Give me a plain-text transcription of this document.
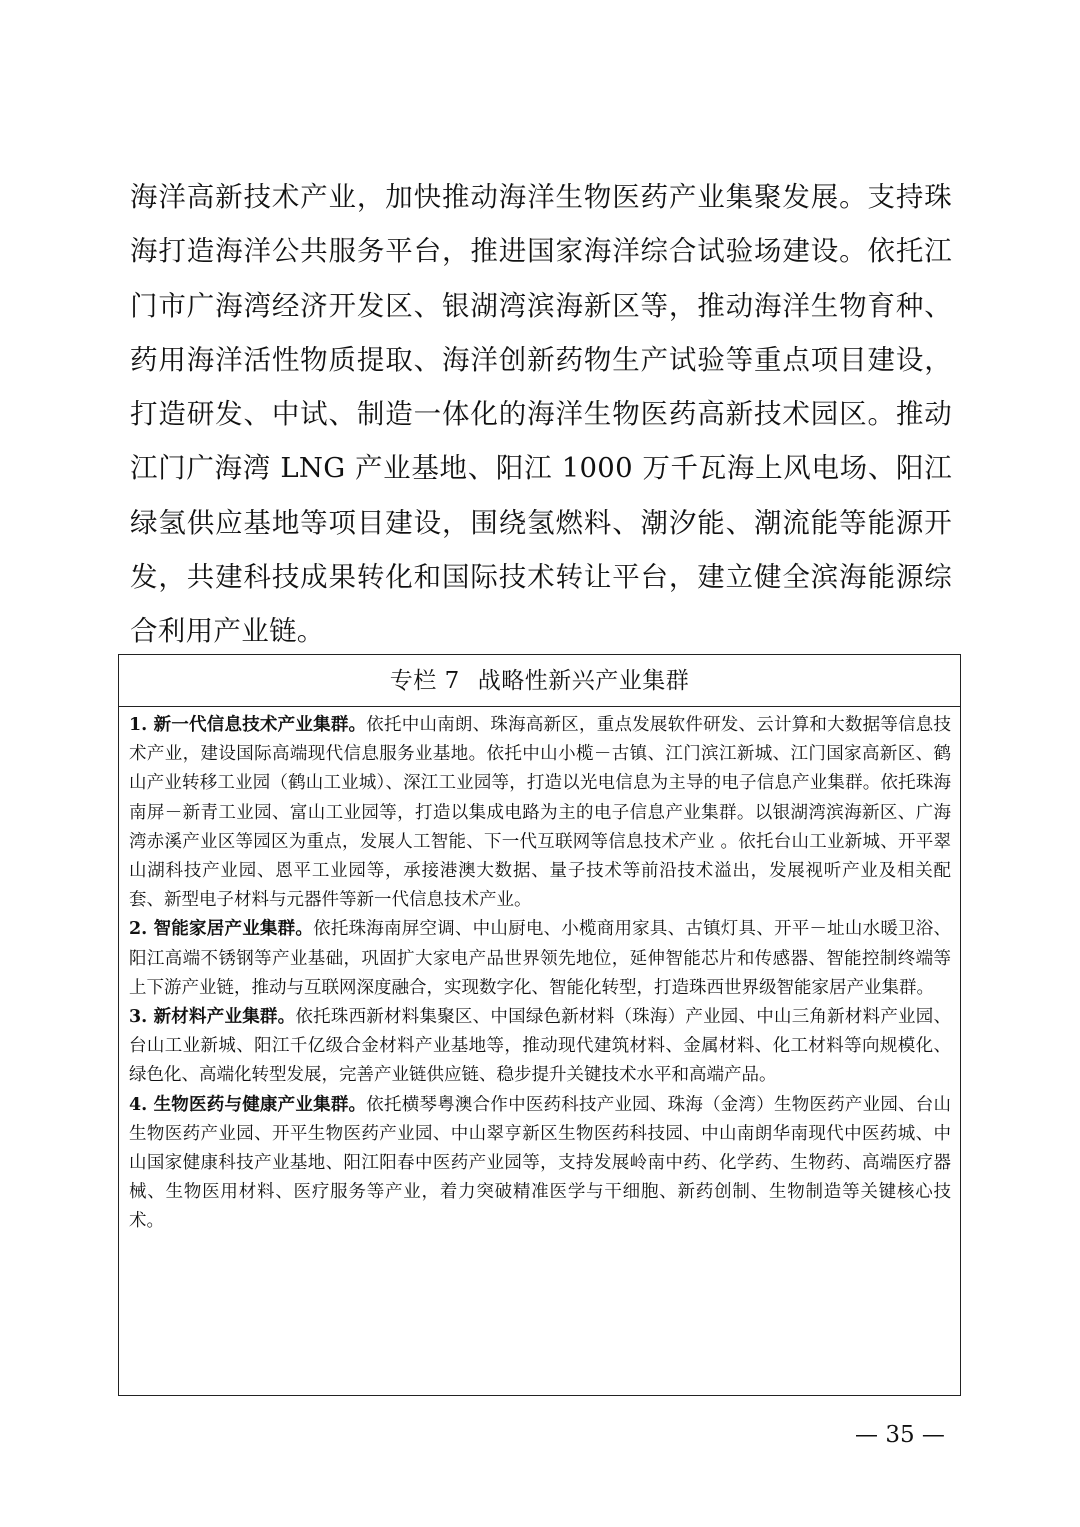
海洋高新技术产业，加快推动海洋生物医药产业集聚发展。支持珠海打造海洋公共服务平台，推进国家海洋综合试验场建设。依托江门市广海湾经济开发区、银湖湾滨海新区等，推动海洋生物育种、药用海洋活性物质提取、海洋创新药物生产试验等重点项目建设，打造研发、中试、制造一体化的海洋生物医药高新技术园区。推动江门广海湾 LNG 产业基地、阳江 1000 万千瓦海上风电场、阳江绿氢供应基地等项目建设，围绕氢燃料、潮汐能、潮流能等能源开发，共建科技成果转化和国际技术转让平台，建立健全滨海能源综合利用产业链。

专栏 7 战略性新兴产业集群

1. 新一代信息技术产业集群。依托中山南朗、珠海高新区，重点发展软件研发、云计算和大数据等信息技术产业，建设国际高端现代信息服务业基地。依托中山小榄－古镇、江门滨江新城、江门国家高新区、鹤山产业转移工业园（鹤山工业城）、深江工业园等，打造以光电信息为主导的电子信息产业集群。依托珠海南屏－新青工业园、富山工业园等，打造以集成电路为主的电子信息产业集群。以银湖湾滨海新区、广海湾赤溪产业区等园区为重点，发展人工智能、下一代互联网等信息技术产业 。依托台山工业新城、开平翠山湖科技产业园、恩平工业园等，承接港澳大数据、量子技术等前沿技术溢出，发展视听产业及相关配套、新型电子材料与元器件等新一代信息技术产业。

2. 智能家居产业集群。依托珠海南屏空调、中山厨电、小榄商用家具、古镇灯具、开平－址山水暖卫浴、阳江高端不锈钢等产业基础，巩固扩大家电产品世界领先地位，延伸智能芯片和传感器、智能控制终端等上下游产业链，推动与互联网深度融合，实现数字化、智能化转型，打造珠西世界级智能家居产业集群。

3. 新材料产业集群。依托珠西新材料集聚区、中国绿色新材料（珠海）产业园、中山三角新材料产业园、台山工业新城、阳江千亿级合金材料产业基地等，推动现代建筑材料、金属材料、化工材料等向规模化、绿色化、高端化转型发展，完善产业链供应链、稳步提升关键技术水平和高端产品。

4. 生物医药与健康产业集群。依托横琴粤澳合作中医药科技产业园、珠海（金湾）生物医药产业园、台山生物医药产业园、开平生物医药产业园、中山翠亨新区生物医药科技园、中山南朗华南现代中医药城、中山国家健康科技产业基地、阳江阳春中医药产业园等，支持发展岭南中药、化学药、生物药、高端医疗器械、生物医用材料、医疗服务等产业，着力突破精准医学与干细胞、新药创制、生物制造等关键核心技术。

— 35 —
